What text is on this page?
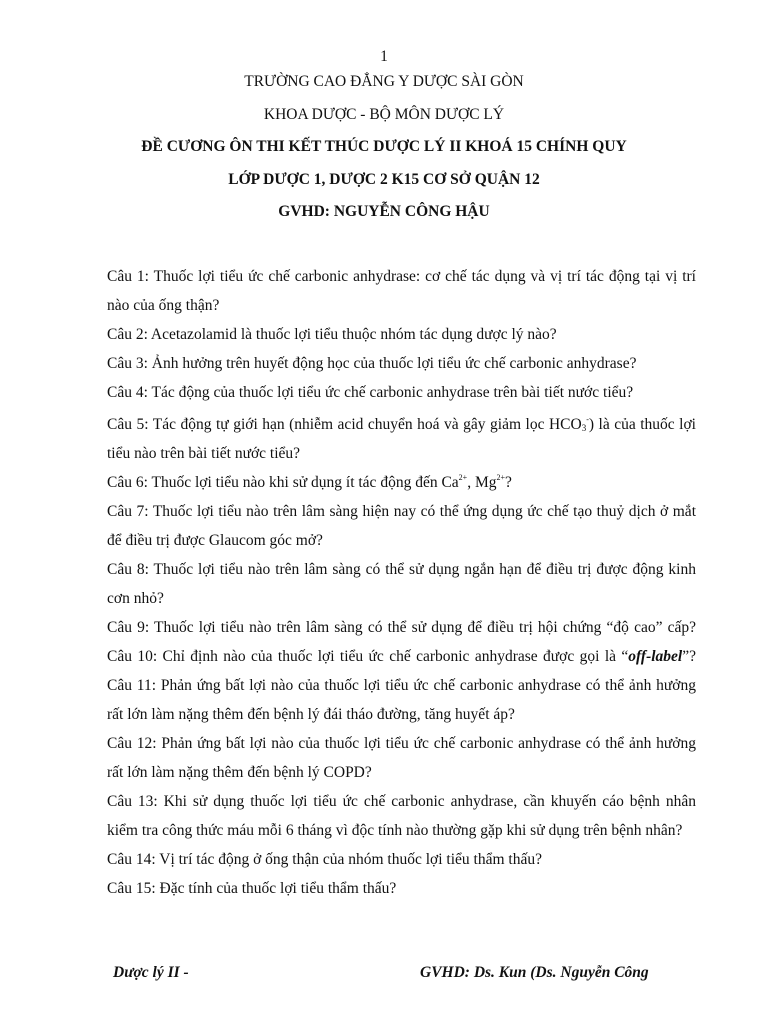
1
TRƯỜNG CAO ĐẲNG Y DƯỢC SÀI GÒN
KHOA DƯỢC - BỘ MÔN DƯỢC LÝ
ĐỀ CƯƠNG ÔN THI KẾT THÚC DƯỢC LÝ II KHOÁ 15 CHÍNH QUY
LỚP DƯỢC 1, DƯỢC 2 K15 CƠ SỞ QUẬN 12
GVHD: NGUYỄN CÔNG HẬU

Câu 1: Thuốc lợi tiểu ức chế carbonic anhydrase: cơ chế tác dụng và vị trí tác động tại vị trí nào của ống thận?

Câu 2: Acetazolamid là thuốc lợi tiểu thuộc nhóm tác dụng dược lý nào?

Câu 3: Ảnh hưởng trên huyết động học của thuốc lợi tiểu ức chế carbonic anhydrase?

Câu 4: Tác động của thuốc lợi tiểu ức chế carbonic anhydrase trên bài tiết nước tiểu?

Câu 5: Tác động tự giới hạn (nhiễm acid chuyển hoá và gây giảm lọc $HCO_3^-$) là của thuốc lợi tiểu nào trên bài tiết nước tiểu?

Câu 6: Thuốc lợi tiểu nào khi sử dụng ít tác động đến $Ca^{2+}$, $Mg^{2+}$?

Câu 7: Thuốc lợi tiểu nào trên lâm sàng hiện nay có thể ứng dụng ức chế tạo thuỷ dịch ở mắt để điều trị được Glaucom góc mở?

Câu 8: Thuốc lợi tiểu nào trên lâm sàng có thể sử dụng ngắn hạn để điều trị được động kinh cơn nhỏ?

Câu 9: Thuốc lợi tiểu nào trên lâm sàng có thể sử dụng để điều trị hội chứng “độ cao” cấp? Câu 10: Chỉ định nào của thuốc lợi tiểu ức chế carbonic anhydrase được gọi là “off-label”? Câu 11: Phản ứng bất lợi nào của thuốc lợi tiểu ức chế carbonic anhydrase có thể ảnh hưởng rất lớn làm nặng thêm đến bệnh lý đái tháo đường, tăng huyết áp?

Câu 12: Phản ứng bất lợi nào của thuốc lợi tiểu ức chế carbonic anhydrase có thể ảnh hưởng rất lớn làm nặng thêm đến bệnh lý COPD?

Câu 13: Khi sử dụng thuốc lợi tiểu ức chế carbonic anhydrase, cần khuyến cáo bệnh nhân kiểm tra công thức máu mỗi 6 tháng vì độc tính nào thường gặp khi sử dụng trên bệnh nhân?

Câu 14: Vị trí tác động ở ống thận của nhóm thuốc lợi tiểu thẩm thấu?

Câu 15: Đặc tính của thuốc lợi tiểu thẩm thấu?

Dược lý II -	GVHD: Ds. Kun (Ds. Nguyễn Công
